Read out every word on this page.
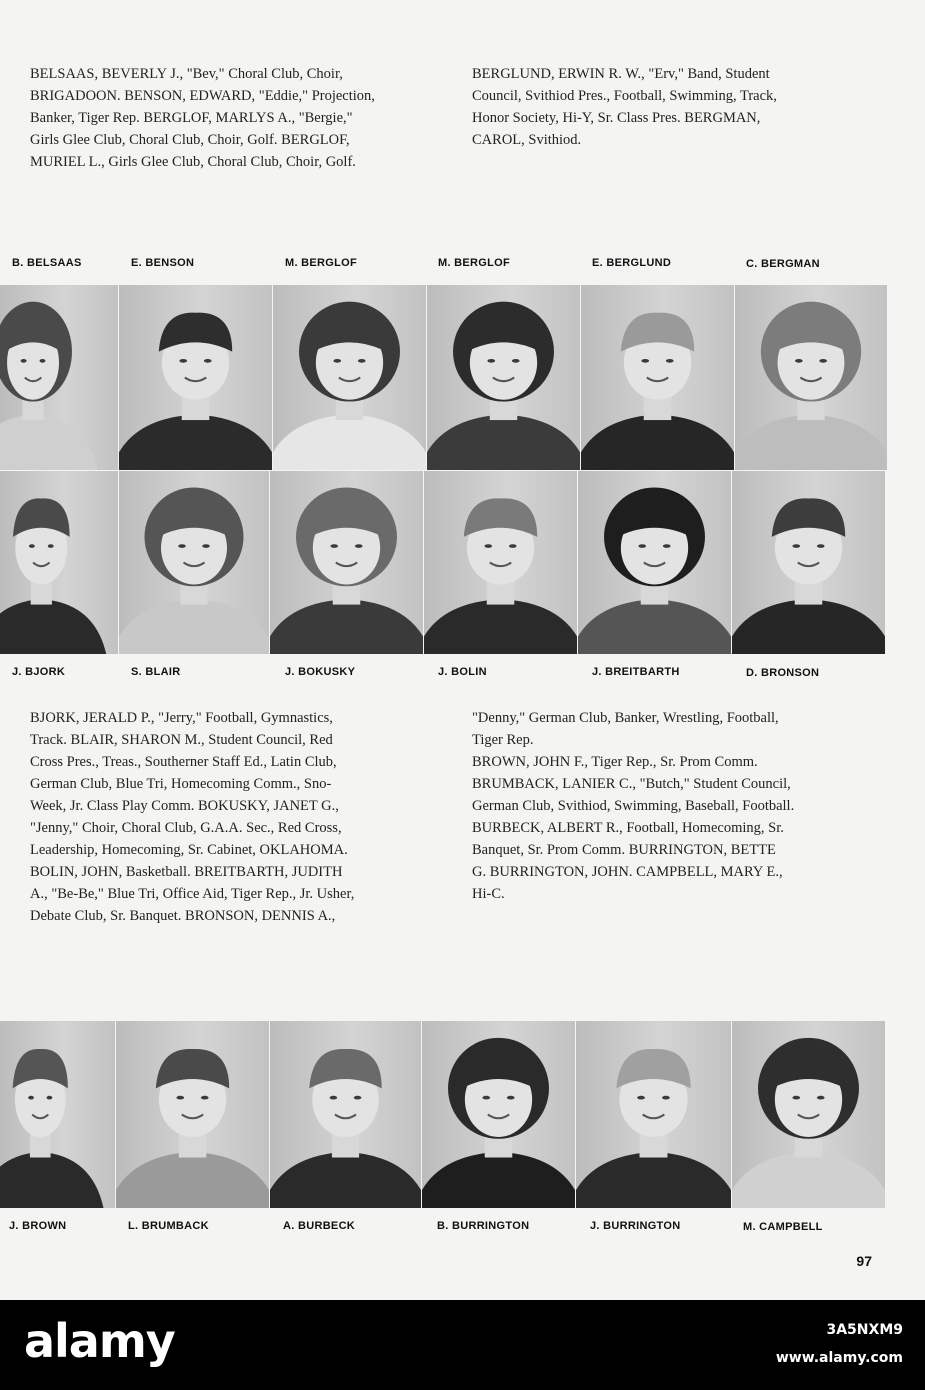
BELSAAS, BEVERLY J., "Bev," Choral Club, Choir,
BRIGADOON. BENSON, EDWARD, "Eddie," Projection,
Banker, Tiger Rep. BERGLOF, MARLYS A., "Bergie,"
Girls Glee Club, Choral Club, Choir, Golf. BERGLOF,
MURIEL L., Girls Glee Club, Choral Club, Choir, Golf.

BERGLUND, ERWIN R. W., "Erv," Band, Student
Council, Svithiod Pres., Football, Swimming, Track,
Honor Society, Hi-Y, Sr. Class Pres. BERGMAN,
CAROL, Svithiod.

B. BELSAAS	E. BENSON	M. BERGLOF	M. BERGLOF	E. BERGLUND	C. BERGMAN
J. BJORK	S. BLAIR	J. BOKUSKY	J. BOLIN	J. BREITBARTH	D. BRONSON

BJORK, JERALD P., "Jerry," Football, Gymnastics,
Track. BLAIR, SHARON M., Student Council, Red
Cross Pres., Treas., Southerner Staff Ed., Latin Club,
German Club, Blue Tri, Homecoming Comm., Sno-
Week, Jr. Class Play Comm. BOKUSKY, JANET G.,
"Jenny," Choir, Choral Club, G.A.A. Sec., Red Cross,
Leadership, Homecoming, Sr. Cabinet, OKLAHOMA.
BOLIN, JOHN, Basketball. BREITBARTH, JUDITH
A., "Be-Be," Blue Tri, Office Aid, Tiger Rep., Jr. Usher,
Debate Club, Sr. Banquet. BRONSON, DENNIS A.,

"Denny," German Club, Banker, Wrestling, Football,
Tiger Rep.
BROWN, JOHN F., Tiger Rep., Sr. Prom Comm.
BRUMBACK, LANIER C., "Butch," Student Council,
German Club, Svithiod, Swimming, Baseball, Football.
BURBECK, ALBERT R., Football, Homecoming, Sr.
Banquet, Sr. Prom Comm. BURRINGTON, BETTE
G. BURRINGTON, JOHN. CAMPBELL, MARY E.,
Hi-C.

J. BROWN	L. BRUMBACK	A. BURBECK	B. BURRINGTON	J. BURRINGTON	M. CAMPBELL
97
alamy	3A5NXM9
www.alamy.com
